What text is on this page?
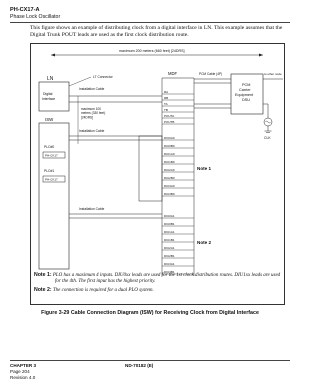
PH-CX17-A
Phase Lock Oscillator
This figure shows an example of distributing clock from a digital interface in LN. This example assumes that the Digital Trunk POUT leads are used as the first clock distribution route.
maximum 200 meters (660 feet) [24DRS]
LN
Digital Interface
LT Connector
ISW
PLO#0
PH-CK17
PLO#1
PH-CK17
Installation Cable
maximum 100 meters (330 feet) [24DRS]
MDF
RA
RB
TA
TB
POUTA
POUTB
Installation Cable
DIU0A0
DIU0B0
DIU1A0
DIU1B0
DIU2A0
DIU2B0
DIU3A0
DIU3B0
Note 1
Installation Cable
DIU0A1
DIU0B1
DIU1A1
DIU1B1
DIU2A1
DIU2B1
DIU3A1
DIU3B1
Note 2
PCM Cable (4P)
PCM Carrier Equipment DSU
to other node
CLK
Note 1: PLO has a maximum 4 inputs. DIU0xx leads are used for the 1st clock distribution routes. DIU1xx leads are used for the 4th. The first input has the highest priority.
Note 2: The connection is required for a dual PLO system.
Figure 3-29 Cable Connection Diagram (ISW) for Receiving Clock from Digital Interface
CHAPTER 3
Page 204
Revision 4.0
ND-70182 (E)
